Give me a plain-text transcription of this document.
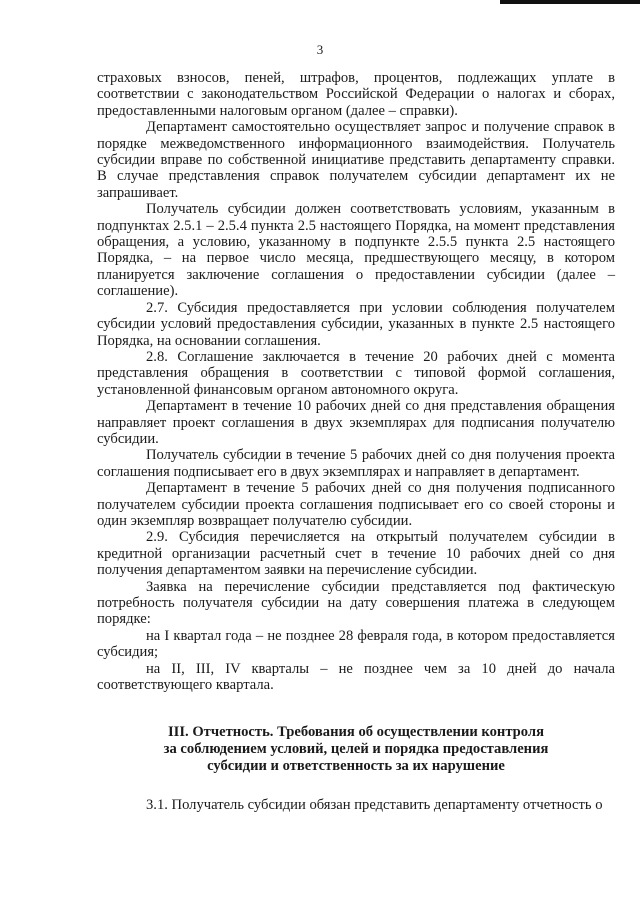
3

страховых взносов, пеней, штрафов, процентов, подлежащих уплате в соответствии с законодательством Российской Федерации о налогах и сборах, предоставленными налоговым органом (далее – справки).

Департамент самостоятельно осуществляет запрос и получение справок в порядке межведомственного информационного взаимодействия. Получатель субсидии вправе по собственной инициативе представить департаменту справки. В случае представления справок получателем субсидии департамент их не запрашивает.

Получатель субсидии должен соответствовать условиям, указанным в подпунктах 2.5.1 – 2.5.4 пункта 2.5 настоящего Порядка, на момент представления обращения, а условию, указанному в подпункте 2.5.5 пункта 2.5 настоящего Порядка, – на первое число месяца, предшествующего месяцу, в котором планируется заключение соглашения о предоставлении субсидии (далее – соглашение).

2.7. Субсидия предоставляется при условии соблюдения получателем субсидии условий предоставления субсидии, указанных в пункте 2.5 настоящего Порядка, на основании соглашения.

2.8. Соглашение заключается в течение 20 рабочих дней с момента представления обращения в соответствии с типовой формой соглашения, установленной финансовым органом автономного округа.

Департамент в течение 10 рабочих дней со дня представления обращения направляет проект соглашения в двух экземплярах для подписания получателю субсидии.

Получатель субсидии в течение 5 рабочих дней со дня получения проекта соглашения подписывает его в двух экземплярах и направляет в департамент.

Департамент в течение 5 рабочих дней со дня получения подписанного получателем субсидии проекта соглашения подписывает его со своей стороны и один экземпляр возвращает получателю субсидии.

2.9. Субсидия перечисляется на открытый получателем субсидии в кредитной организации расчетный счет в течение 10 рабочих дней со дня получения департаментом заявки на перечисление субсидии.

Заявка на перечисление субсидии представляется под фактическую потребность получателя субсидии на дату совершения платежа в следующем порядке:

на I квартал года – не позднее 28 февраля года, в котором предоставляется субсидия;

на II, III, IV кварталы – не позднее чем за 10 дней до начала соответствующего квартала.

III. Отчетность. Требования об осуществлении контроля
за соблюдением условий, целей и порядка предоставления
субсидии и ответственность за их нарушение

3.1. Получатель субсидии обязан представить департаменту отчетность о
